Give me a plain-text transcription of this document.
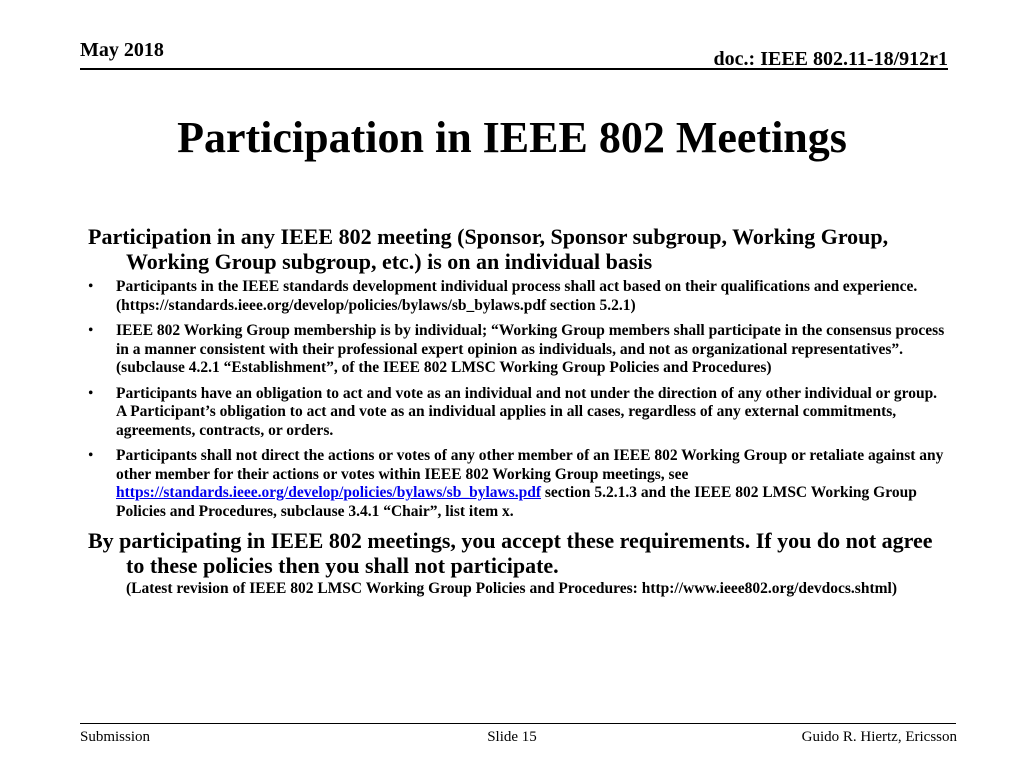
May 2018	doc.: IEEE 802.11-18/912r1
Participation in IEEE 802 Meetings

Participation in any IEEE 802 meeting (Sponsor, Sponsor subgroup, Working Group, Working Group subgroup, etc.) is on an individual basis

• Participants in the IEEE standards development individual process shall act based on their qualifications and experience. (https://standards.ieee.org/develop/policies/bylaws/sb_bylaws.pdf section 5.2.1)
• IEEE 802 Working Group membership is by individual; “Working Group members shall participate in the consensus process in a manner consistent with their professional expert opinion as individuals, and not as organizational representatives”. (subclause 4.2.1 “Establishment”, of the IEEE 802 LMSC Working Group Policies and Procedures)
• Participants have an obligation to act and vote as an individual and not under the direction of any other individual or group. A Participant’s obligation to act and vote as an individual applies in all cases, regardless of any external commitments, agreements, contracts, or orders.
• Participants shall not direct the actions or votes of any other member of an IEEE 802 Working Group or retaliate against any other member for their actions or votes within IEEE 802 Working Group meetings, see https://standards.ieee.org/develop/policies/bylaws/sb_bylaws.pdf section 5.2.1.3 and the IEEE 802 LMSC Working Group Policies and Procedures, subclause 3.4.1 “Chair”, list item x.

By participating in IEEE 802 meetings, you accept these requirements. If you do not agree to these policies then you shall not participate.

(Latest revision of IEEE 802 LMSC Working Group Policies and Procedures: http://www.ieee802.org/devdocs.shtml)

Submission	Slide 15	Guido R. Hiertz, Ericsson
